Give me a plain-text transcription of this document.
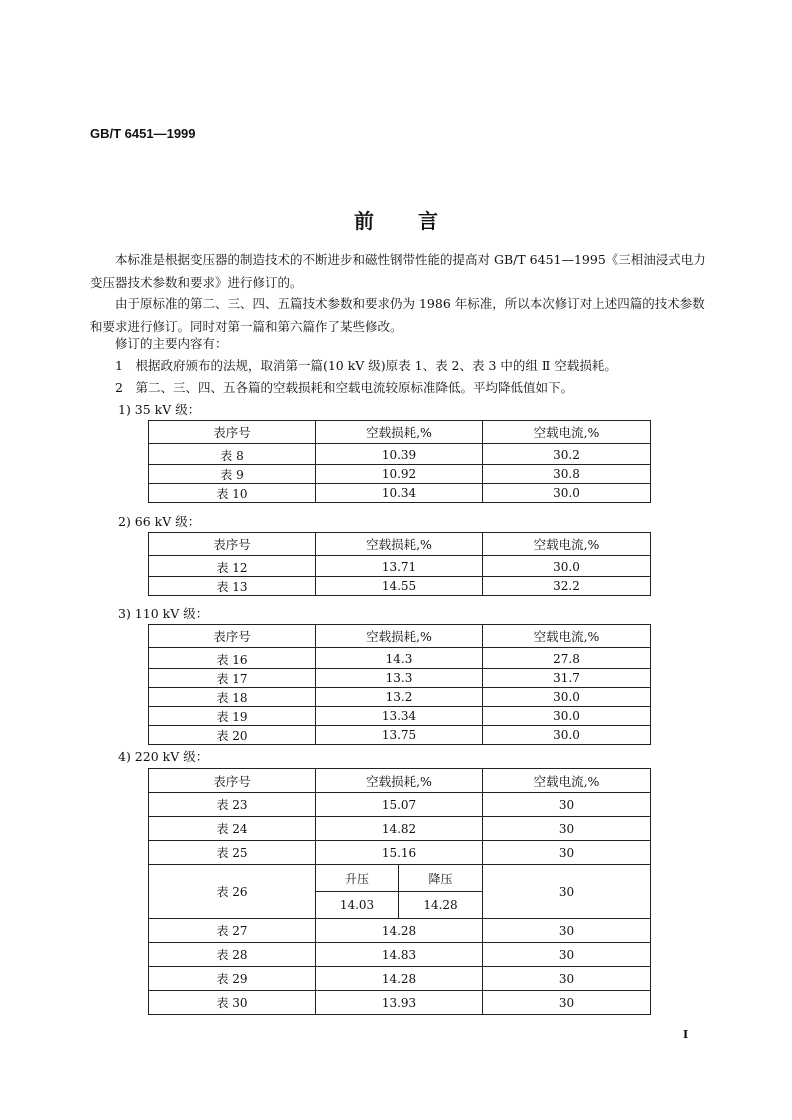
GB/T 6451—1999
前 言
本标准是根据变压器的制造技术的不断进步和磁性钢带性能的提高对 GB/T 6451—1995《三相油浸式电力变压器技术参数和要求》进行修订的。
由于原标准的第二、三、四、五篇技术参数和要求仍为 1986 年标准，所以本次修订对上述四篇的技术参数和要求进行修订。同时对第一篇和第六篇作了某些修改。
修订的主要内容有：
1　根据政府颁布的法规，取消第一篇(10 kV 级)原表 1、表 2、表 3 中的组 Ⅱ 空载损耗。
2　第二、三、四、五各篇的空载损耗和空载电流较原标准降低。平均降低值如下。
1) 35 kV 级：
表序号	空载损耗,%	空载电流,%
表 8	10.39	30.2
表 9	10.92	30.8
表 10	10.34	30.0
2) 66 kV 级：
表序号	空载损耗,%	空载电流,%
表 12	13.71	30.0
表 13	14.55	32.2
3) 110 kV 级：
表序号	空载损耗,%	空载电流,%
表 16	14.3	27.8
表 17	13.3	31.7
表 18	13.2	30.0
表 19	13.34	30.0
表 20	13.75	30.0
4) 220 kV 级：
表序号	空载损耗,%		空载电流,%
表 23	15.07		30
表 24	14.82		30
表 25	15.16		30
表 26	升压	降压	30
	14.03	14.28	
表 27	14.28		30
表 28	14.83		30
表 29	14.28		30
表 30	13.93		30
Ⅰ
